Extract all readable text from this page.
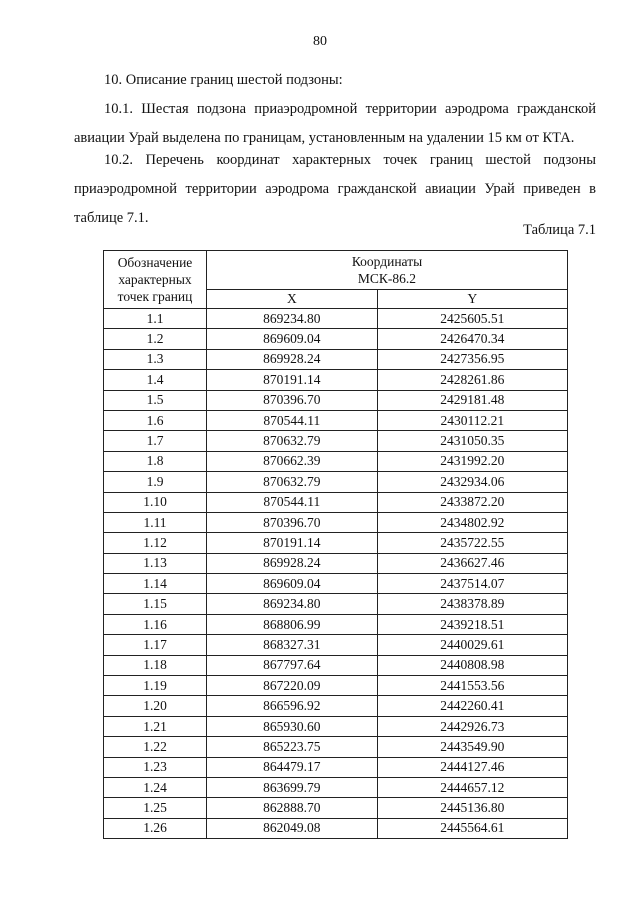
80

10. Описание границ шестой подзоны:

10.1. Шестая подзона приаэродромной территории аэродрома гражданской авиации Урай выделена по границам, установленным на удалении 15 км от КТА.

10.2. Перечень координат характерных точек границ шестой подзоны приаэродромной территории аэродрома гражданской авиации Урай приведен в таблице 7.1.

Таблица 7.1
Обозначение
характерных
точек границ	Координаты
МСК-86.2	
	X	Y
1.1	869234.80	2425605.51
1.2	869609.04	2426470.34
1.3	869928.24	2427356.95
1.4	870191.14	2428261.86
1.5	870396.70	2429181.48
1.6	870544.11	2430112.21
1.7	870632.79	2431050.35
1.8	870662.39	2431992.20
1.9	870632.79	2432934.06
1.10	870544.11	2433872.20
1.11	870396.70	2434802.92
1.12	870191.14	2435722.55
1.13	869928.24	2436627.46
1.14	869609.04	2437514.07
1.15	869234.80	2438378.89
1.16	868806.99	2439218.51
1.17	868327.31	2440029.61
1.18	867797.64	2440808.98
1.19	867220.09	2441553.56
1.20	866596.92	2442260.41
1.21	865930.60	2442926.73
1.22	865223.75	2443549.90
1.23	864479.17	2444127.46
1.24	863699.79	2444657.12
1.25	862888.70	2445136.80
1.26	862049.08	2445564.61
